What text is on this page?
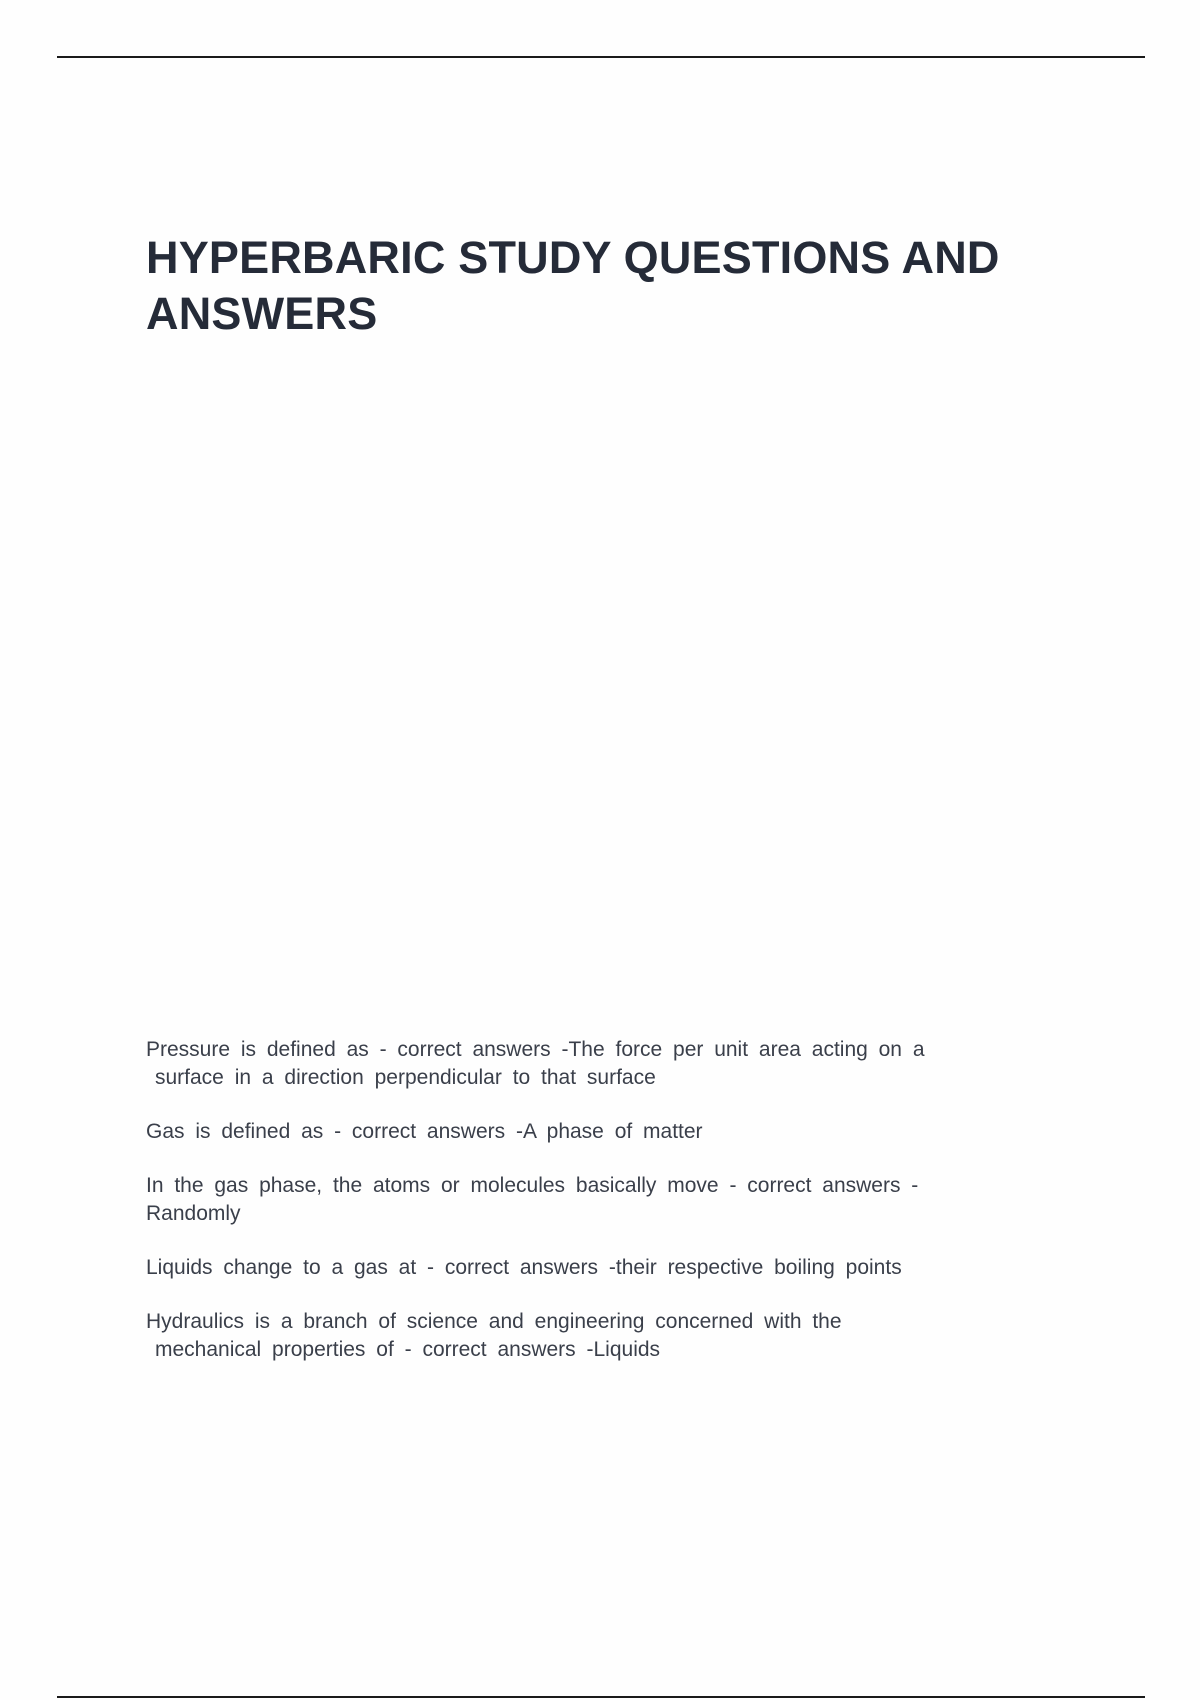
HYPERBARIC STUDY QUESTIONS AND ANSWERS
Pressure is defined as - correct answers -The force per unit area acting on a
surface in a direction perpendicular to that surface
Gas is defined as - correct answers -A phase of matter
In the gas phase, the atoms or molecules basically move - correct answers -
Randomly
Liquids change to a gas at - correct answers -their respective boiling points
Hydraulics is a branch of science and engineering concerned with the
mechanical properties of - correct answers -Liquids
